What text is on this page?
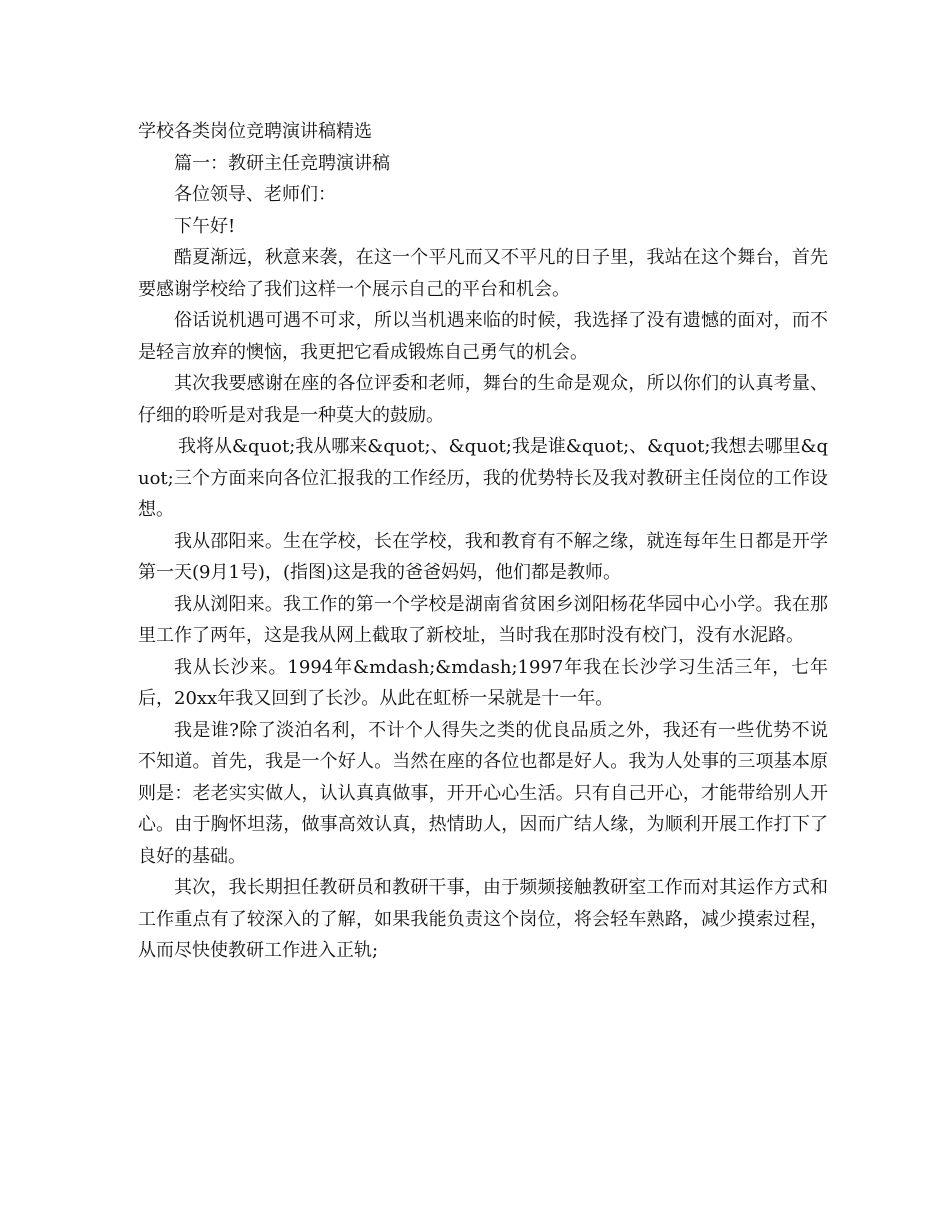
学校各类岗位竞聘演讲稿精选

篇一：教研主任竞聘演讲稿

各位领导、老师们：

下午好!

酷夏渐远，秋意来袭，在这一个平凡而又不平凡的日子里，我站在这个舞台，首先要感谢学校给了我们这样一个展示自己的平台和机会。

俗话说机遇可遇不可求，所以当机遇来临的时候，我选择了没有遗憾的面对，而不是轻言放弃的懊恼，我更把它看成锻炼自己勇气的机会。

其次我要感谢在座的各位评委和老师，舞台的生命是观众，所以你们的认真考量、仔细的聆听是对我是一种莫大的鼓励。

我将从&quot;我从哪来&quot;、&quot;我是谁&quot;、&quot;我想去哪里&quot;三个方面来向各位汇报我的工作经历，我的优势特长及我对教研主任岗位的工作设想。

我从邵阳来。生在学校，长在学校，我和教育有不解之缘，就连每年生日都是开学第一天(9月1号)，(指图)这是我的爸爸妈妈，他们都是教师。

我从浏阳来。我工作的第一个学校是湖南省贫困乡浏阳杨花华园中心小学。我在那里工作了两年，这是我从网上截取了新校址，当时我在那时没有校门，没有水泥路。

我从长沙来。1994年&mdash;&mdash;1997年我在长沙学习生活三年，七年后，20xx年我又回到了长沙。从此在虹桥一呆就是十一年。

我是谁?除了淡泊名利，不计个人得失之类的优良品质之外，我还有一些优势不说不知道。首先，我是一个好人。当然在座的各位也都是好人。我为人处事的三项基本原则是：老老实实做人，认认真真做事，开开心心生活。只有自己开心，才能带给别人开心。由于胸怀坦荡，做事高效认真，热情助人，因而广结人缘，为顺利开展工作打下了良好的基础。

其次，我长期担任教研员和教研干事，由于频频接触教研室工作而对其运作方式和工作重点有了较深入的了解，如果我能负责这个岗位，将会轻车熟路，减少摸索过程，从而尽快使教研工作进入正轨;
